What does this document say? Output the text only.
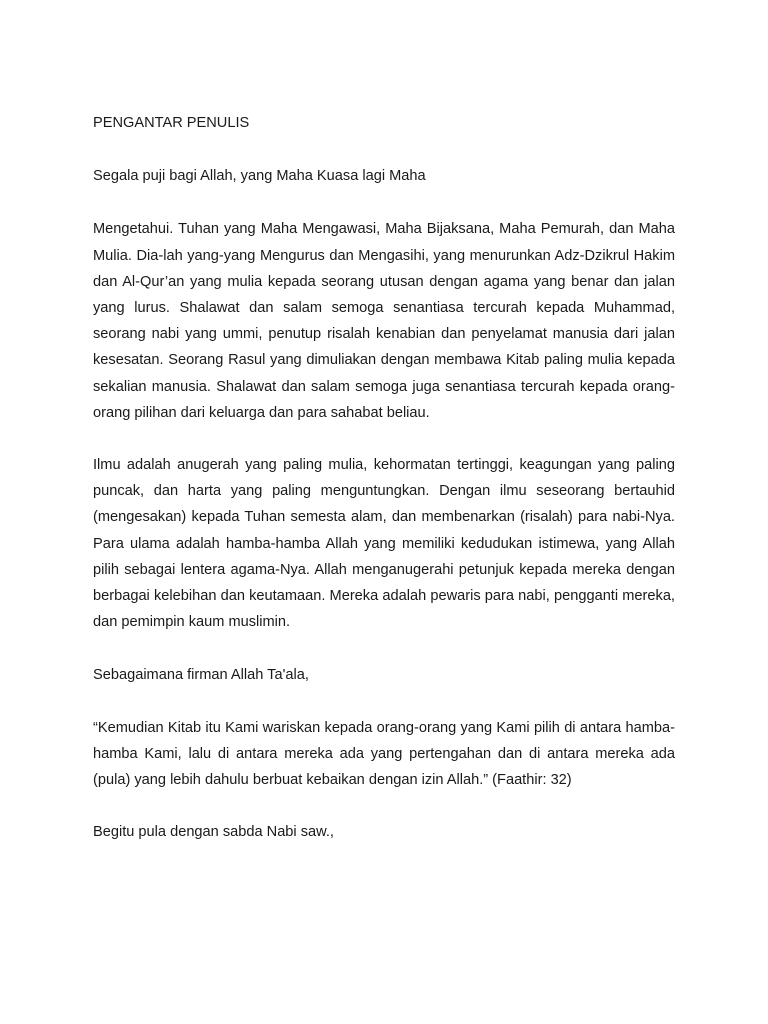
PENGANTAR PENULIS

Segala puji bagi Allah, yang Maha Kuasa lagi Maha

Mengetahui. Tuhan yang Maha Mengawasi, Maha Bijaksana, Maha Pemurah, dan Maha Mulia. Dia-lah yang-yang Mengurus dan Mengasihi, yang menurunkan Adz-Dzikrul Hakim dan Al-Qur’an yang mulia kepada seorang utusan dengan agama yang benar dan jalan yang lurus. Shalawat dan salam semoga senantiasa tercurah kepada Muhammad, seorang nabi yang ummi, penutup risalah kenabian dan penyelamat manusia dari jalan kesesatan. Seorang Rasul yang dimuliakan dengan membawa Kitab paling mulia kepada sekalian manusia. Shalawat dan salam semoga juga senantiasa tercurah kepada orang-orang pilihan dari keluarga dan para sahabat beliau.

Ilmu adalah anugerah yang paling mulia, kehormatan tertinggi, keagungan yang paling puncak, dan harta yang paling menguntungkan. Dengan ilmu seseorang bertauhid (mengesakan) kepada Tuhan semesta alam, dan membenarkan (risalah) para nabi-Nya. Para ulama adalah hamba-hamba Allah yang memiliki kedudukan istimewa, yang Allah pilih sebagai lentera agama-Nya. Allah menganugerahi petunjuk kepada mereka dengan berbagai kelebihan dan keutamaan. Mereka adalah pewaris para nabi, pengganti mereka, dan pemimpin kaum muslimin.

Sebagaimana firman Allah Ta'ala,

“Kemudian Kitab itu Kami wariskan kepada orang-orang yang Kami pilih di antara hamba-hamba Kami, lalu di antara mereka ada yang pertengahan dan di antara mereka ada (pula) yang lebih dahulu berbuat kebaikan dengan izin Allah.” (Faathir: 32)

Begitu pula dengan sabda Nabi saw.,
